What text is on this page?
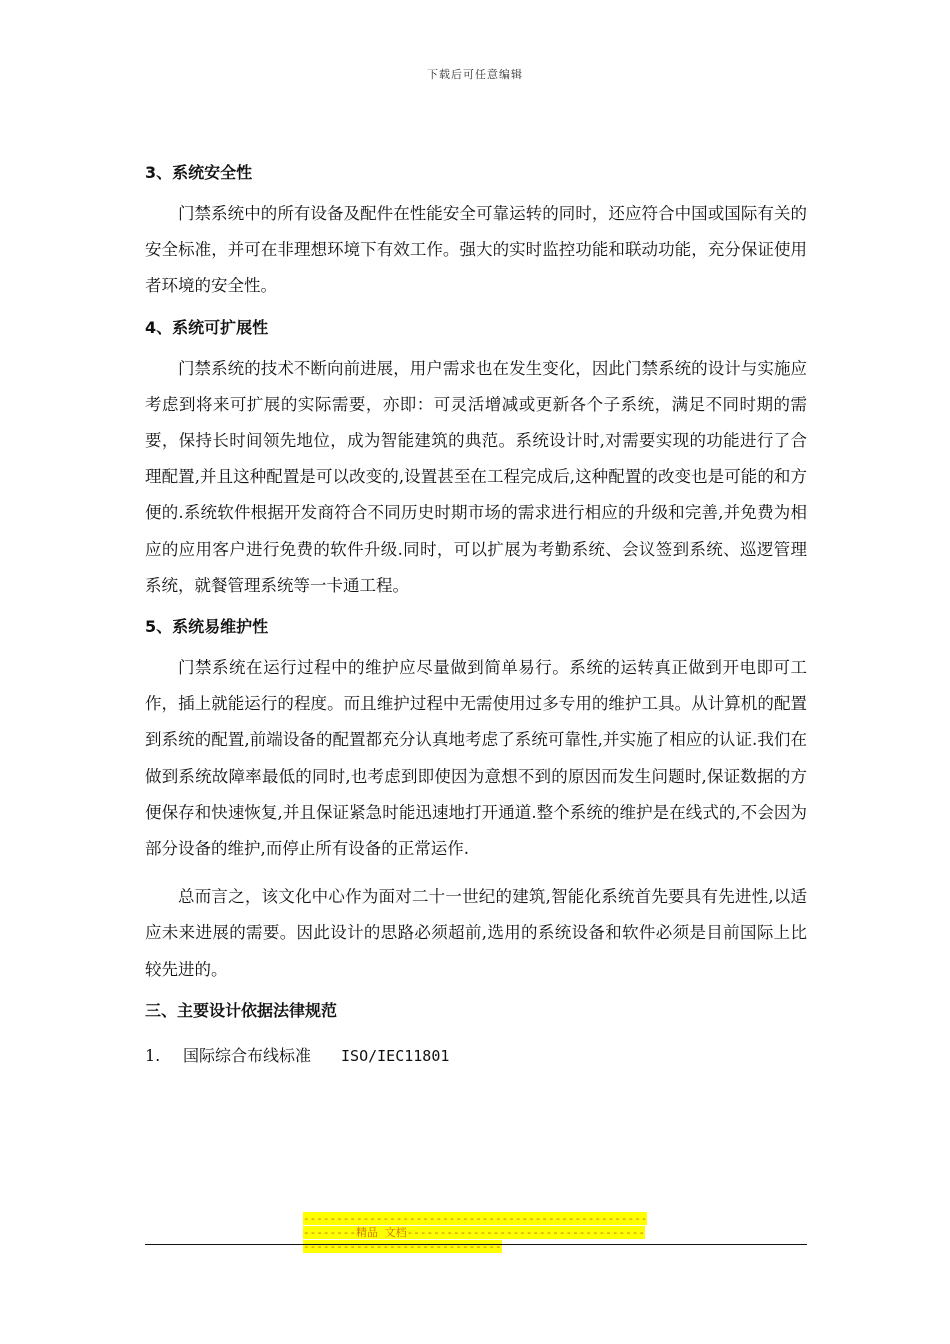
下载后可任意编辑
3、系统安全性

门禁系统中的所有设备及配件在性能安全可靠运转的同时，还应符合中国或国际有关的安全标准，并可在非理想环境下有效工作。强大的实时监控功能和联动功能，充分保证使用者环境的安全性。

4、系统可扩展性

门禁系统的技术不断向前进展，用户需求也在发生变化，因此门禁系统的设计与实施应考虑到将来可扩展的实际需要，亦即：可灵活增减或更新各个子系统，满足不同时期的需要，保持长时间领先地位，成为智能建筑的典范。系统设计时,对需要实现的功能进行了合理配置,并且这种配置是可以改变的,设置甚至在工程完成后,这种配置的改变也是可能的和方便的.系统软件根据开发商符合不同历史时期市场的需求进行相应的升级和完善,并免费为相应的应用客户进行免费的软件升级.同时，可以扩展为考勤系统、会议签到系统、巡逻管理系统，就餐管理系统等一卡通工程。

5、系统易维护性

门禁系统在运行过程中的维护应尽量做到简单易行。系统的运转真正做到开电即可工作，插上就能运行的程度。而且维护过程中无需使用过多专用的维护工具。从计算机的配置到系统的配置,前端设备的配置都充分认真地考虑了系统可靠性,并实施了相应的认证.我们在做到系统故障率最低的同时,也考虑到即使因为意想不到的原因而发生问题时,保证数据的方便保存和快速恢复,并且保证紧急时能迅速地打开通道.整个系统的维护是在线式的,不会因为部分设备的维护,而停止所有设备的正常运作.

总而言之，该文化中心作为面对二十一世纪的建筑,智能化系统首先要具有先进性,以适应未来进展的需要。因此设计的思路必须超前,选用的系统设备和软件必须是目前国际上比较先进的。

三、主要设计依据法律规范
1. 国际综合布线标准 ISO/IEC11801
------------------------------------------------------------精品 文档------------------------------------------------------------------
